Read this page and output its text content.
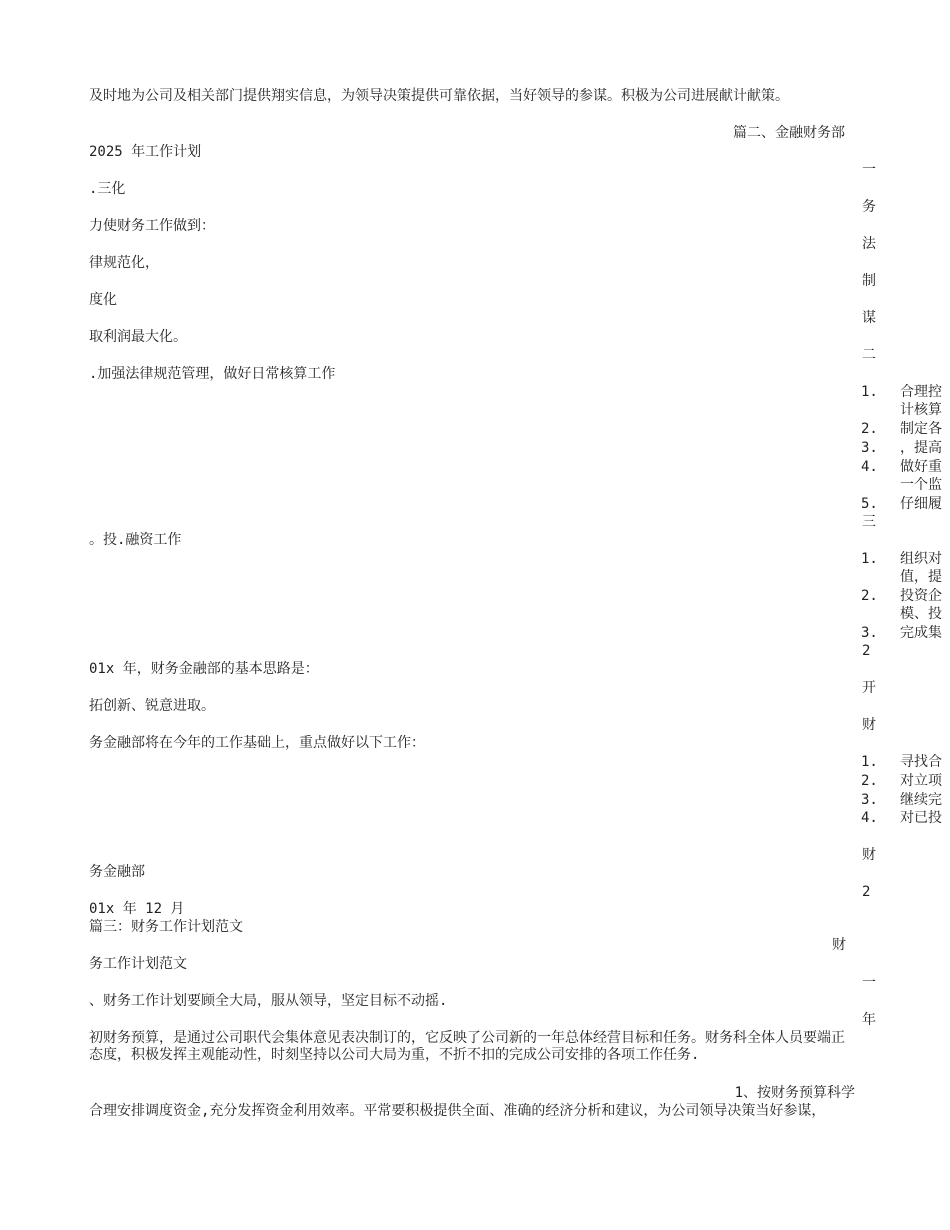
及时地为公司及相关部门提供翔实信息，为领导决策提供可靠依据，当好领导的参谋。积极为公司进展献计献策。
篇二、金融财务部
2025 年工作计划
.三化
力使财务工作做到：
律规范化，
度化
取利润最大化。
.加强法律规范管理，做好日常核算工作
。投.融资工作
01x 年，财务金融部的基本思路是：
拓创新、锐意进取。
务金融部将在今年的工作基础上，重点做好以下工作：
务金融部
01x 年 12 月
篇三：财务工作计划范文
财
务工作计划范文
、财务工作计划要顾全大局，服从领导，坚定目标不动摇.
初财务预算，是通过公司职代会集体意见表决制订的，它反映了公司新的一年总体经营目标和任务。财务科全体人员要端正态度，积极发挥主观能动性，时刻坚持以公司大局为重，不折不扣的完成公司安排的各项工作任务.
1、按财务预算科学
合理安排调度资金,充分发挥资金利用效率。平常要积极提供全面、准确的经济分析和建议，为公司领导决策当好参谋，
一
务
法
制
谋
二
1. 合理控
计核算
2. 制定各
3. ，提高
4. 做好重
一个监
5. 仔细履
三
1. 组织对
值，提
2. 投资企
模、投
3. 完成集
2
开
财
1. 寻找合
2. 对立项
3. 继续完
4. 对已投
财
2
一
年
